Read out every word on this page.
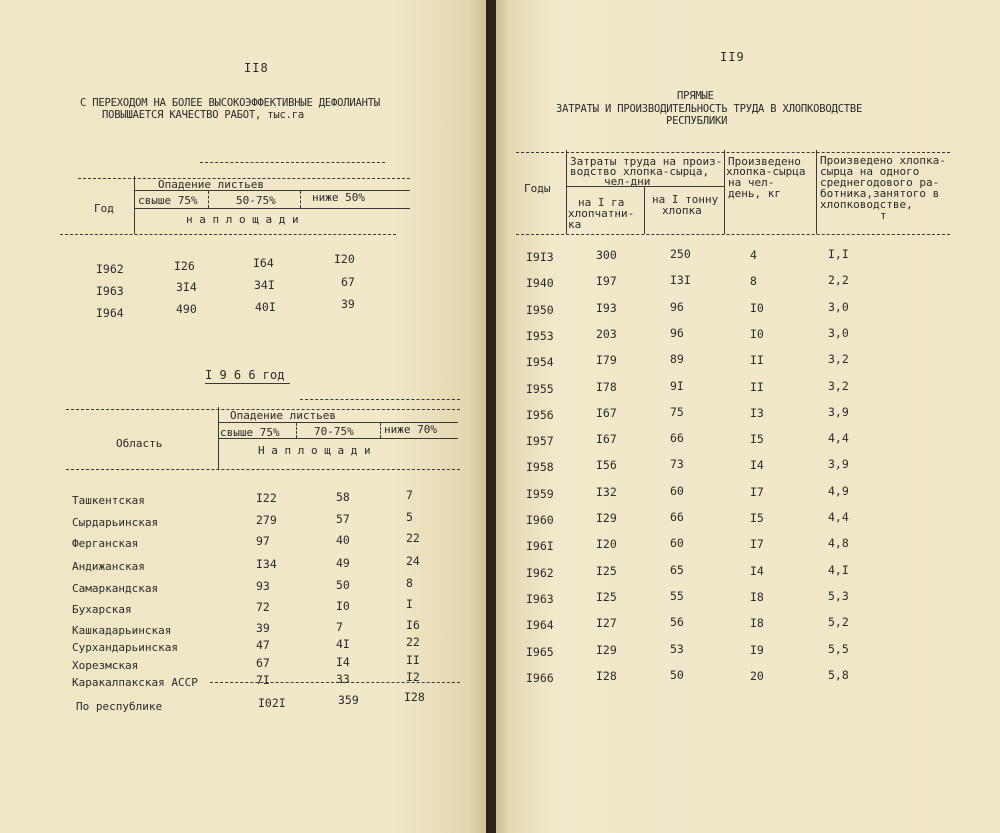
II8
С ПЕРЕХОДОМ НА БОЛЕЕ ВЫСОКОЭФФЕКТИВНЫЕ ДЕФОЛИАНТЫ
ПОВЫШАЕТСЯ КАЧЕСТВО РАБОТ, тыс.га
Год
Опадение листьев
свыше 75%	50-75%	ниже 50%
н а п л о щ а д и
I962	I26	I64	I20
I963	3I4	34I	67
I964	490	40I	39
I 9 6 6 год
Область
Опадение листьев
свыше 75%	70-75%	ниже 70%
Н а п л о щ а д и
Ташкентская	I22	58	7
Сырдарьинская	279	57	5
Ферганская	97	40	22
Андижанская	I34	49	24
Самаркандская	93	50	8
Бухарская	72	I0	I
Кашкадарьинская	39	7	I6
Сурхандарьинская	47	4I	22
Хорезмская	67	I4	II
Каракалпакская АССР	7I	33	I2
По республике	I02I	359	I28
II9
ПРЯМЫЕ
ЗАТРАТЫ И ПРОИЗВОДИТЕЛЬНОСТЬ ТРУДА В ХЛОПКОВОДСТВЕ
РЕСПУБЛИКИ
Годы
Затраты труда на произ-
водство хлопка-сырца,
чел-дни
на I га
хлопчатни-
ка
на I тонну
хлопка
Произведено
хлопка-сырца
на чел-
день, кг
Произведено хлопка-
сырца на одного
среднегодового ра-
ботника,занятого в
хлопководстве,
т
I9I3	300	250	4	I,I
I940	I97	I3I	8	2,2
I950	I93	96	I0	3,0
I953	203	96	I0	3,0
I954	I79	89	II	3,2
I955	I78	9I	II	3,2
I956	I67	75	I3	3,9
I957	I67	66	I5	4,4
I958	I56	73	I4	3,9
I959	I32	60	I7	4,9
I960	I29	66	I5	4,4
I96I	I20	60	I7	4,8
I962	I25	65	I4	4,I
I963	I25	55	I8	5,3
I964	I27	56	I8	5,2
I965	I29	53	I9	5,5
I966	I28	50	20	5,8
